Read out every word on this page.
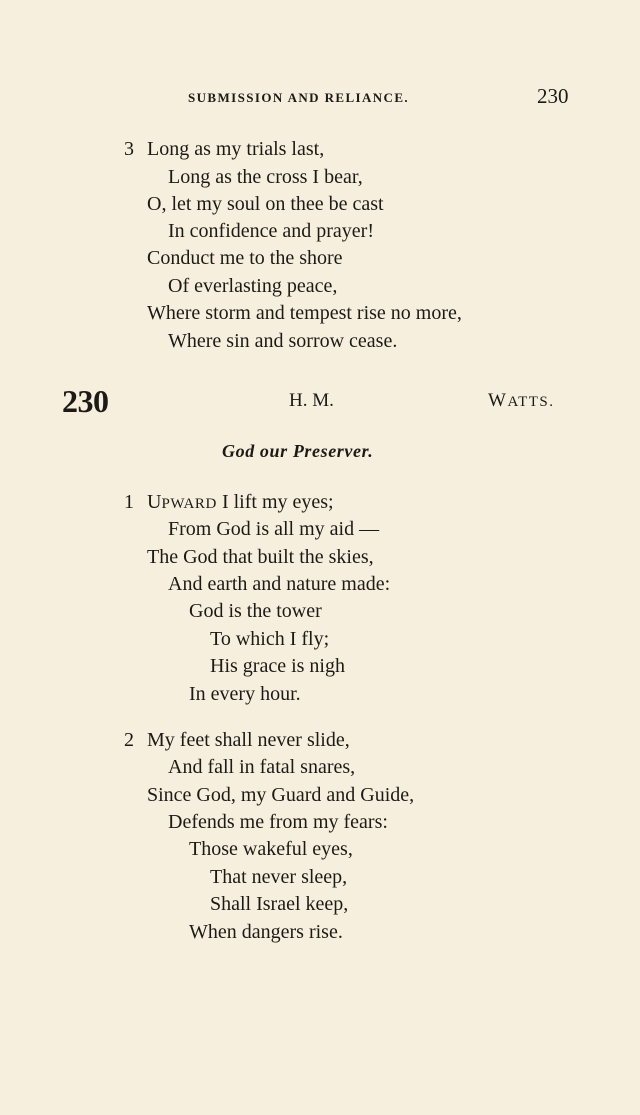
SUBMISSION AND RELIANCE.	230
3 Long as my trials last,
Long as the cross I bear,
O, let my soul on thee be cast
In confidence and prayer!
Conduct me to the shore
Of everlasting peace,
Where storm and tempest rise no more,
Where sin and sorrow cease.
230	H. M.	WATTS.
God our Preserver.
1 UPWARD I lift my eyes;
From God is all my aid —
The God that built the skies,
And earth and nature made:
God is the tower
To which I fly;
His grace is nigh
In every hour.
2 My feet shall never slide,
And fall in fatal snares,
Since God, my Guard and Guide,
Defends me from my fears:
Those wakeful eyes,
That never sleep,
Shall Israel keep,
When dangers rise.
